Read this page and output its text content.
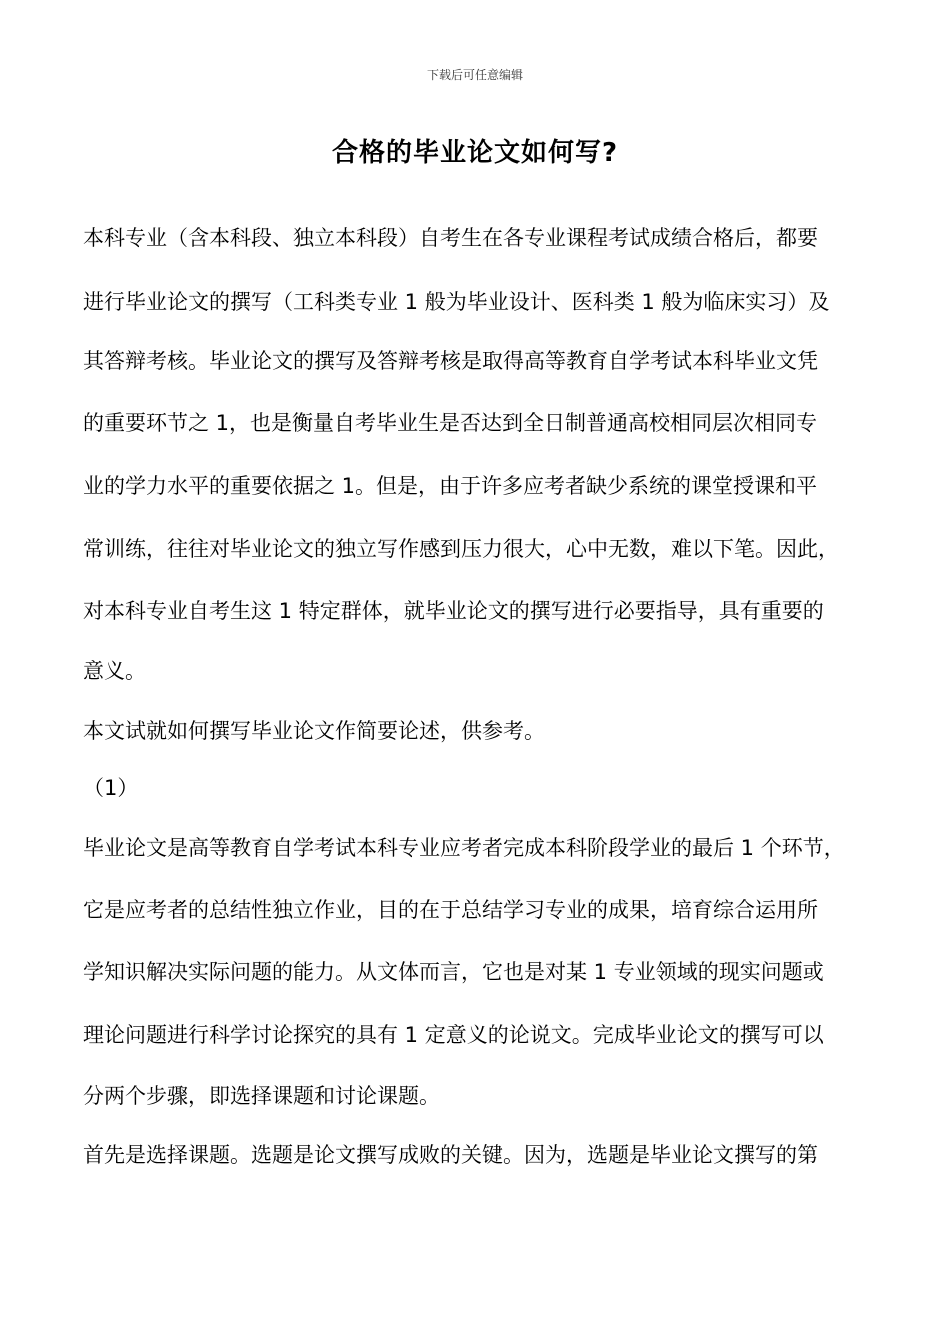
下载后可任意编辑
合格的毕业论文如何写?
本科专业（含本科段、独立本科段）自考生在各专业课程考试成绩合格后，都要
进行毕业论文的撰写（工科类专业 1 般为毕业设计、医科类 1 般为临床实习）及
其答辩考核。毕业论文的撰写及答辩考核是取得高等教育自学考试本科毕业文凭
的重要环节之 1，也是衡量自考毕业生是否达到全日制普通高校相同层次相同专
业的学力水平的重要依据之 1。但是，由于许多应考者缺少系统的课堂授课和平
常训练，往往对毕业论文的独立写作感到压力很大，心中无数，难以下笔。因此，
对本科专业自考生这 1 特定群体，就毕业论文的撰写进行必要指导，具有重要的
意义。
本文试就如何撰写毕业论文作简要论述，供参考。
（1）
毕业论文是高等教育自学考试本科专业应考者完成本科阶段学业的最后 1 个环节，
它是应考者的总结性独立作业，目的在于总结学习专业的成果，培育综合运用所
学知识解决实际问题的能力。从文体而言，它也是对某 1 专业领域的现实问题或
理论问题进行科学讨论探究的具有 1 定意义的论说文。完成毕业论文的撰写可以
分两个步骤，即选择课题和讨论课题。
首先是选择课题。选题是论文撰写成败的关键。因为，选题是毕业论文撰写的第
